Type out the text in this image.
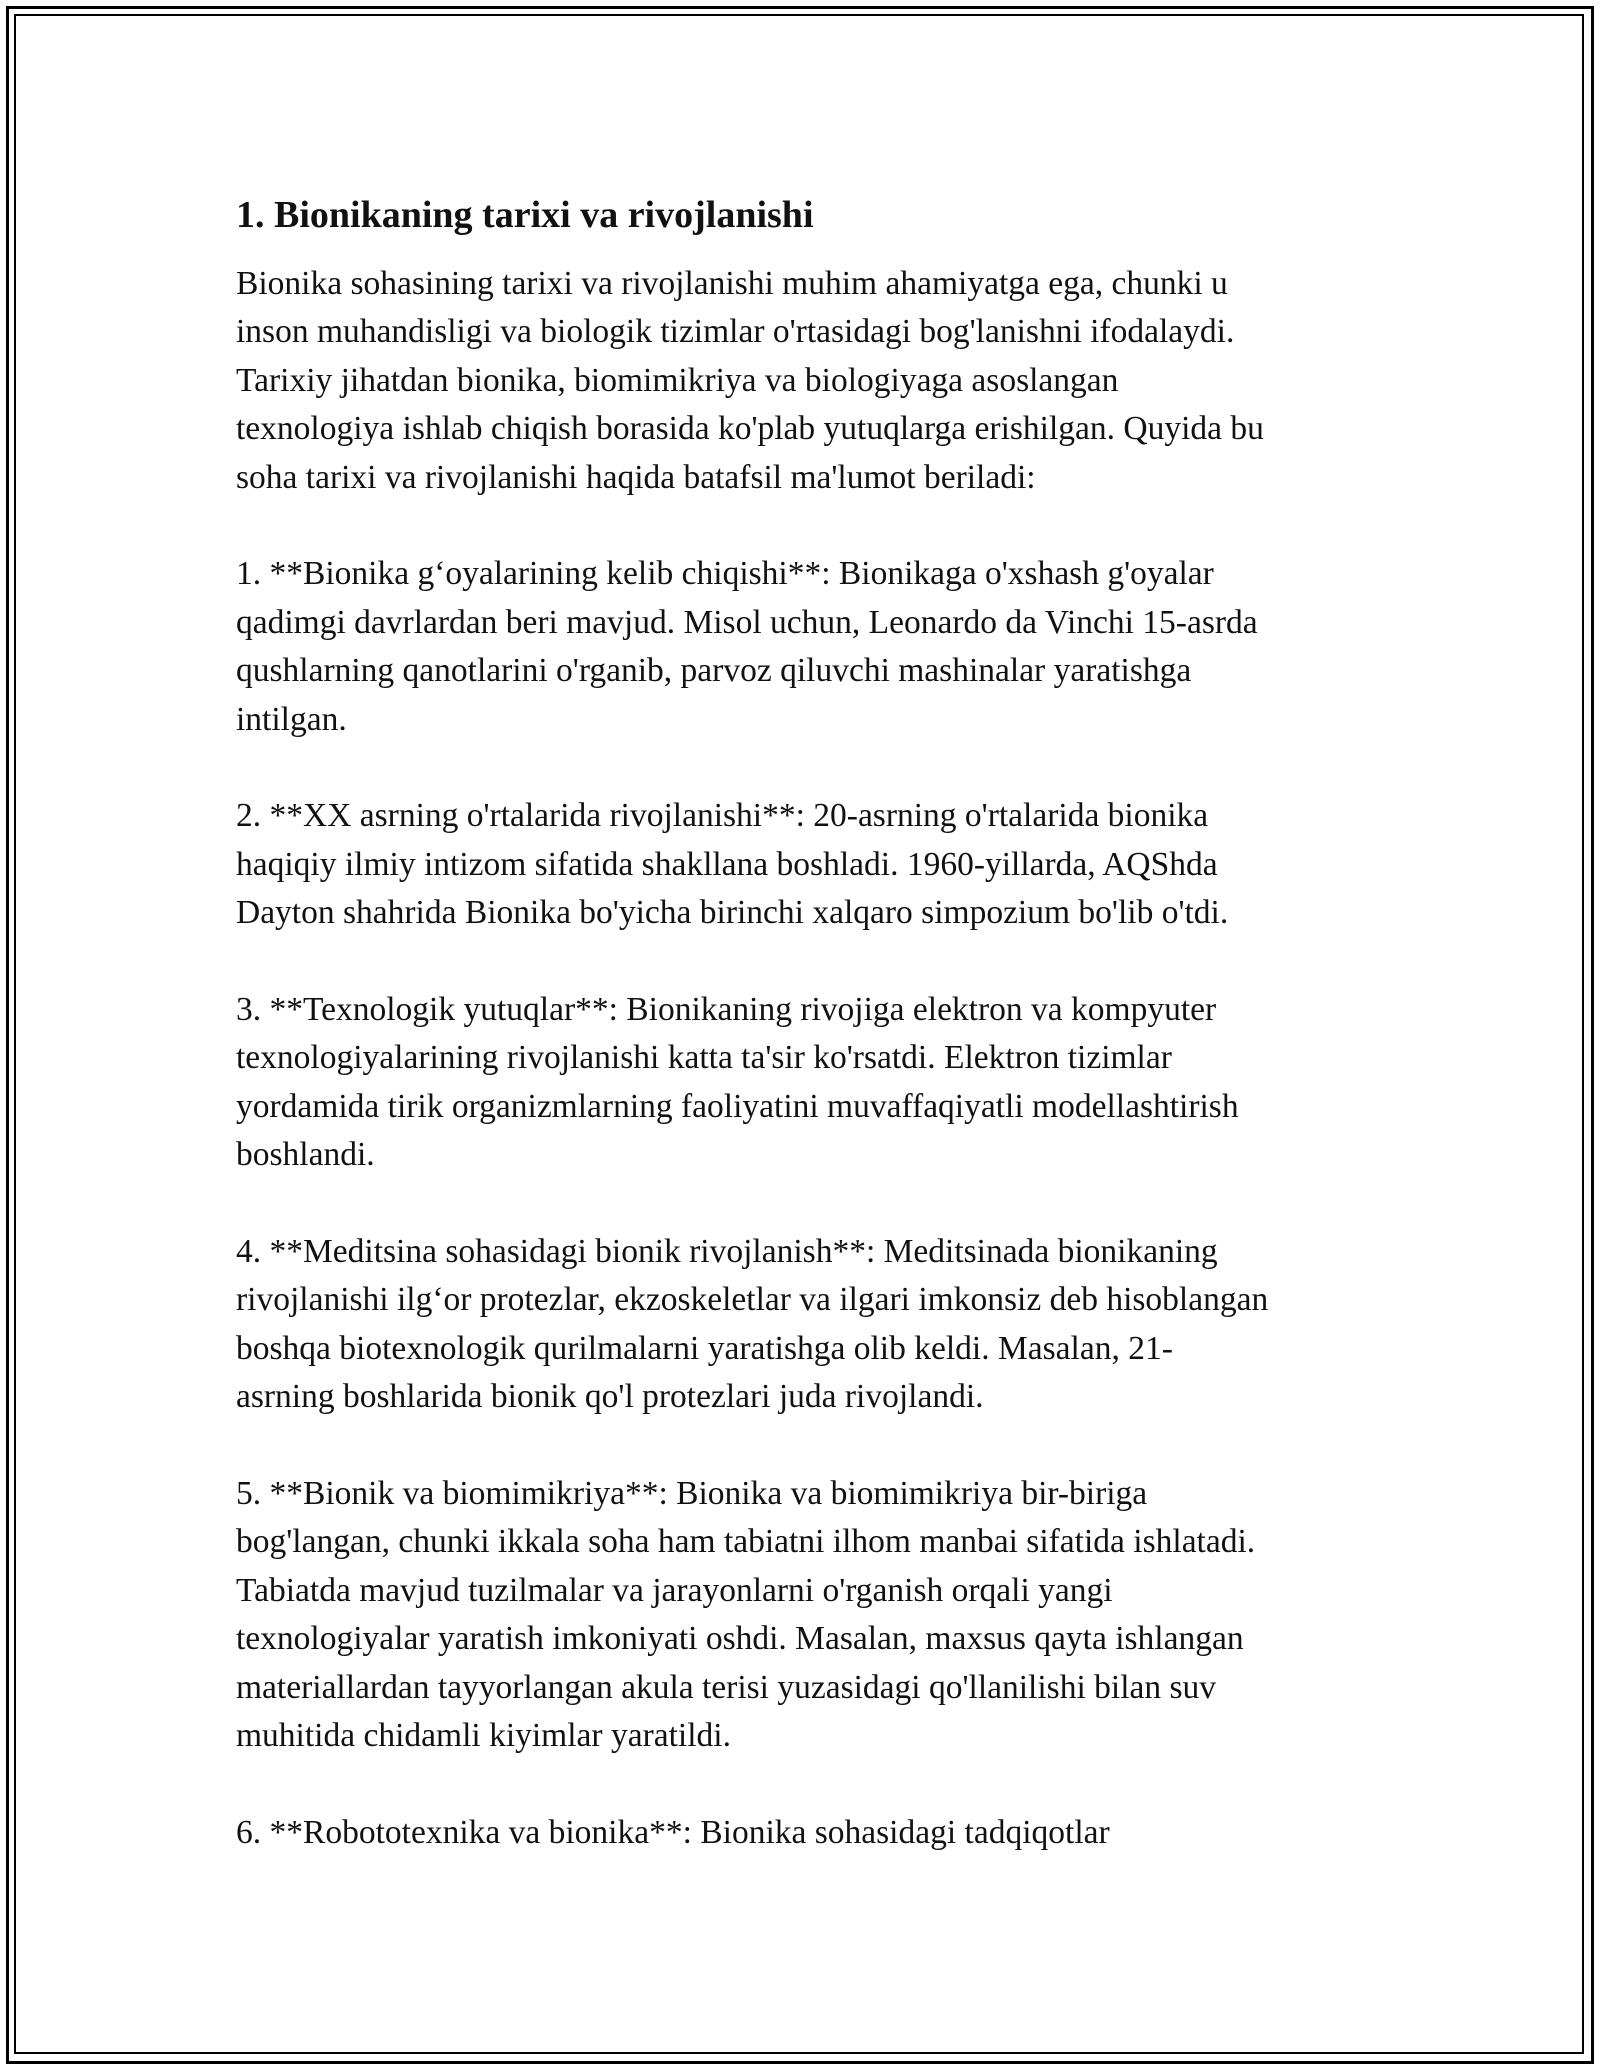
1. Bionikaning tarixi va rivojlanishi

Bionika sohasining tarixi va rivojlanishi muhim ahamiyatga ega, chunki u
inson muhandisligi va biologik tizimlar o'rtasidagi bog'lanishni ifodalaydi.
Tarixiy jihatdan bionika, biomimikriya va biologiyaga asoslangan
texnologiya ishlab chiqish borasida ko'plab yutuqlarga erishilgan. Quyida bu
soha tarixi va rivojlanishi haqida batafsil ma'lumot beriladi:

1. **Bionika g‘oyalarining kelib chiqishi**: Bionikaga o'xshash g'oyalar
qadimgi davrlardan beri mavjud. Misol uchun, Leonardo da Vinchi 15-asrda
qushlarning qanotlarini o'rganib, parvoz qiluvchi mashinalar yaratishga
intilgan.

2. **XX asrning o'rtalarida rivojlanishi**: 20-asrning o'rtalarida bionika
haqiqiy ilmiy intizom sifatida shakllana boshladi. 1960-yillarda, AQShda
Dayton shahrida Bionika bo'yicha birinchi xalqaro simpozium bo'lib o'tdi.

3. **Texnologik yutuqlar**: Bionikaning rivojiga elektron va kompyuter
texnologiyalarining rivojlanishi katta ta'sir ko'rsatdi. Elektron tizimlar
yordamida tirik organizmlarning faoliyatini muvaffaqiyatli modellashtirish
boshlandi.

4. **Meditsina sohasidagi bionik rivojlanish**: Meditsinada bionikaning
rivojlanishi ilg‘or protezlar, ekzoskeletlar va ilgari imkonsiz deb hisoblangan
boshqa biotexnologik qurilmalarni yaratishga olib keldi. Masalan, 21-
asrning boshlarida bionik qo'l protezlari juda rivojlandi.

5. **Bionik va biomimikriya**: Bionika va biomimikriya bir-biriga
bog'langan, chunki ikkala soha ham tabiatni ilhom manbai sifatida ishlatadi.
Tabiatda mavjud tuzilmalar va jarayonlarni o'rganish orqali yangi
texnologiyalar yaratish imkoniyati oshdi. Masalan, maxsus qayta ishlangan
materiallardan tayyorlangan akula terisi yuzasidagi qo'llanilishi bilan suv
muhitida chidamli kiyimlar yaratildi.

6. **Robototexnika va bionika**: Bionika sohasidagi tadqiqotlar
